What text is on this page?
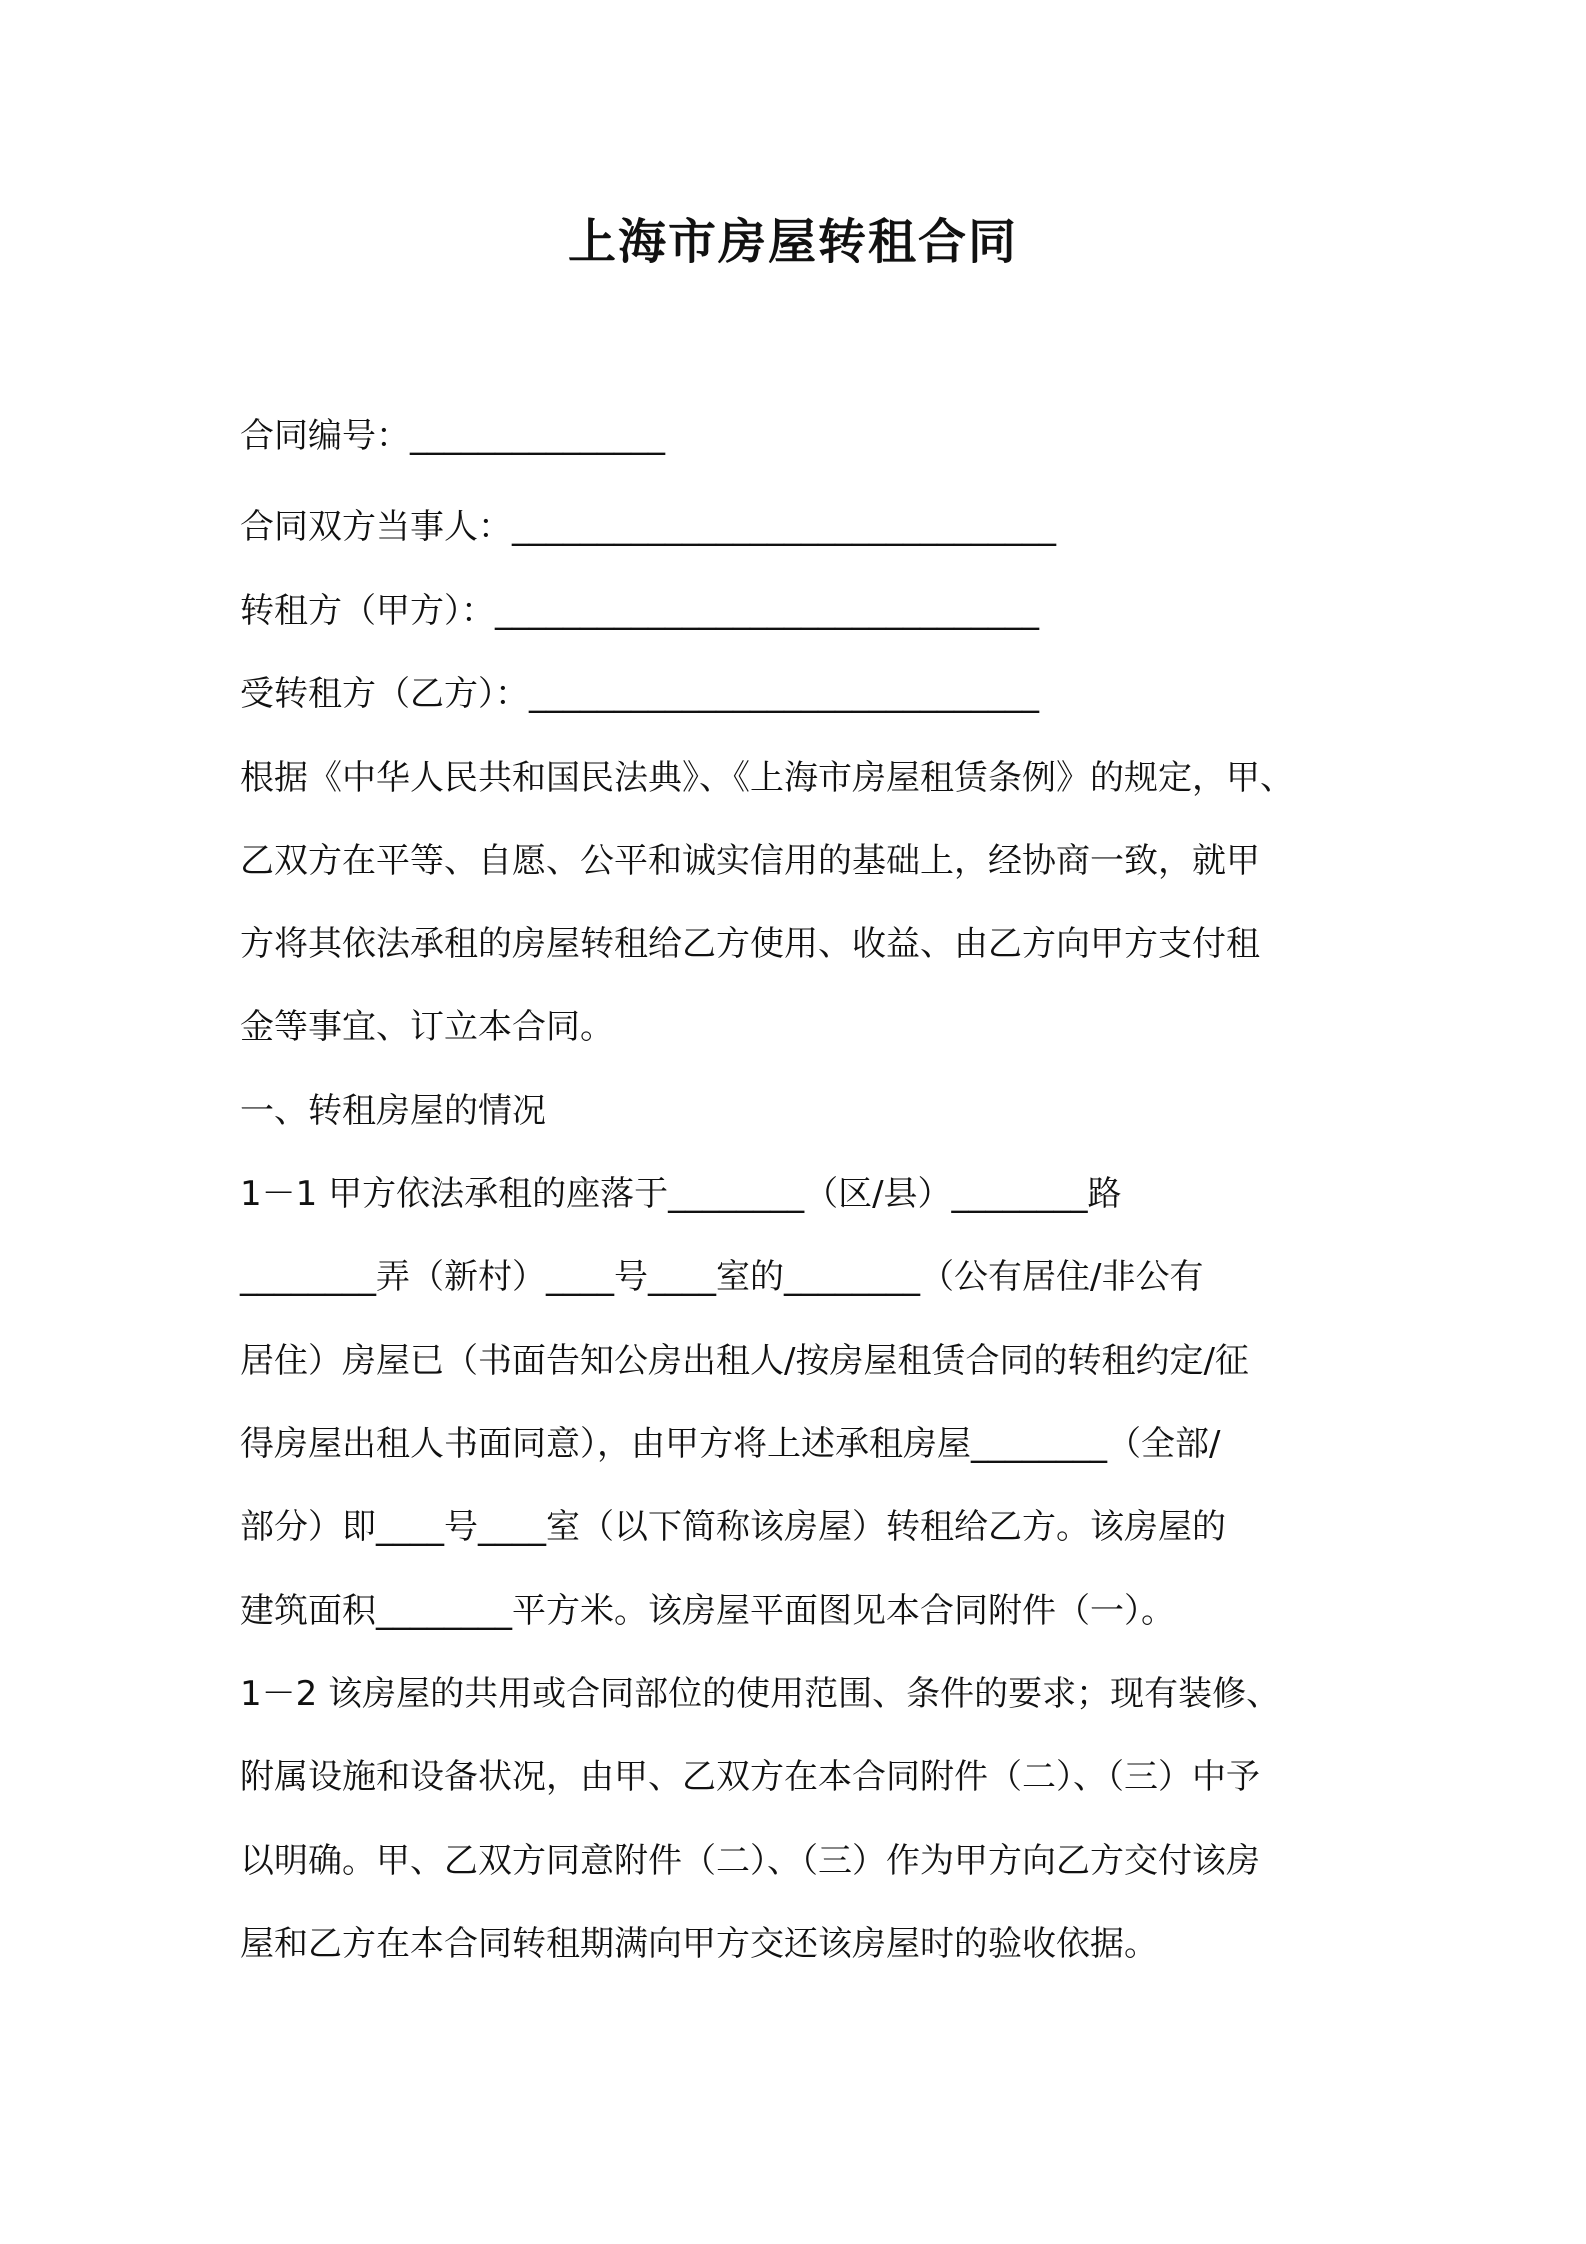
上海市房屋转租合同
合同编号：_______________
合同双方当事人：________________________________
转租方（甲方）：________________________________
受转租方（乙方）：______________________________
根据《中华人民共和国民法典》、《上海市房屋租赁条例》的规定，甲、
乙双方在平等、自愿、公平和诚实信用的基础上，经协商一致，就甲
方将其依法承租的房屋转租给乙方使用、收益、由乙方向甲方支付租
金等事宜、订立本合同。
一、转租房屋的情况
1－1 甲方依法承租的座落于________（区/县）________路
________弄（新村）____号____室的________（公有居住/非公有
居住）房屋已（书面告知公房出租人/按房屋租赁合同的转租约定/征
得房屋出租人书面同意），由甲方将上述承租房屋________（全部/
部分）即____号____室（以下简称该房屋）转租给乙方。该房屋的
建筑面积________平方米。该房屋平面图见本合同附件（一）。
1－2 该房屋的共用或合同部位的使用范围、条件的要求；现有装修、
附属设施和设备状况，由甲、乙双方在本合同附件（二）、（三）中予
以明确。甲、乙双方同意附件（二）、（三）作为甲方向乙方交付该房
屋和乙方在本合同转租期满向甲方交还该房屋时的验收依据。
